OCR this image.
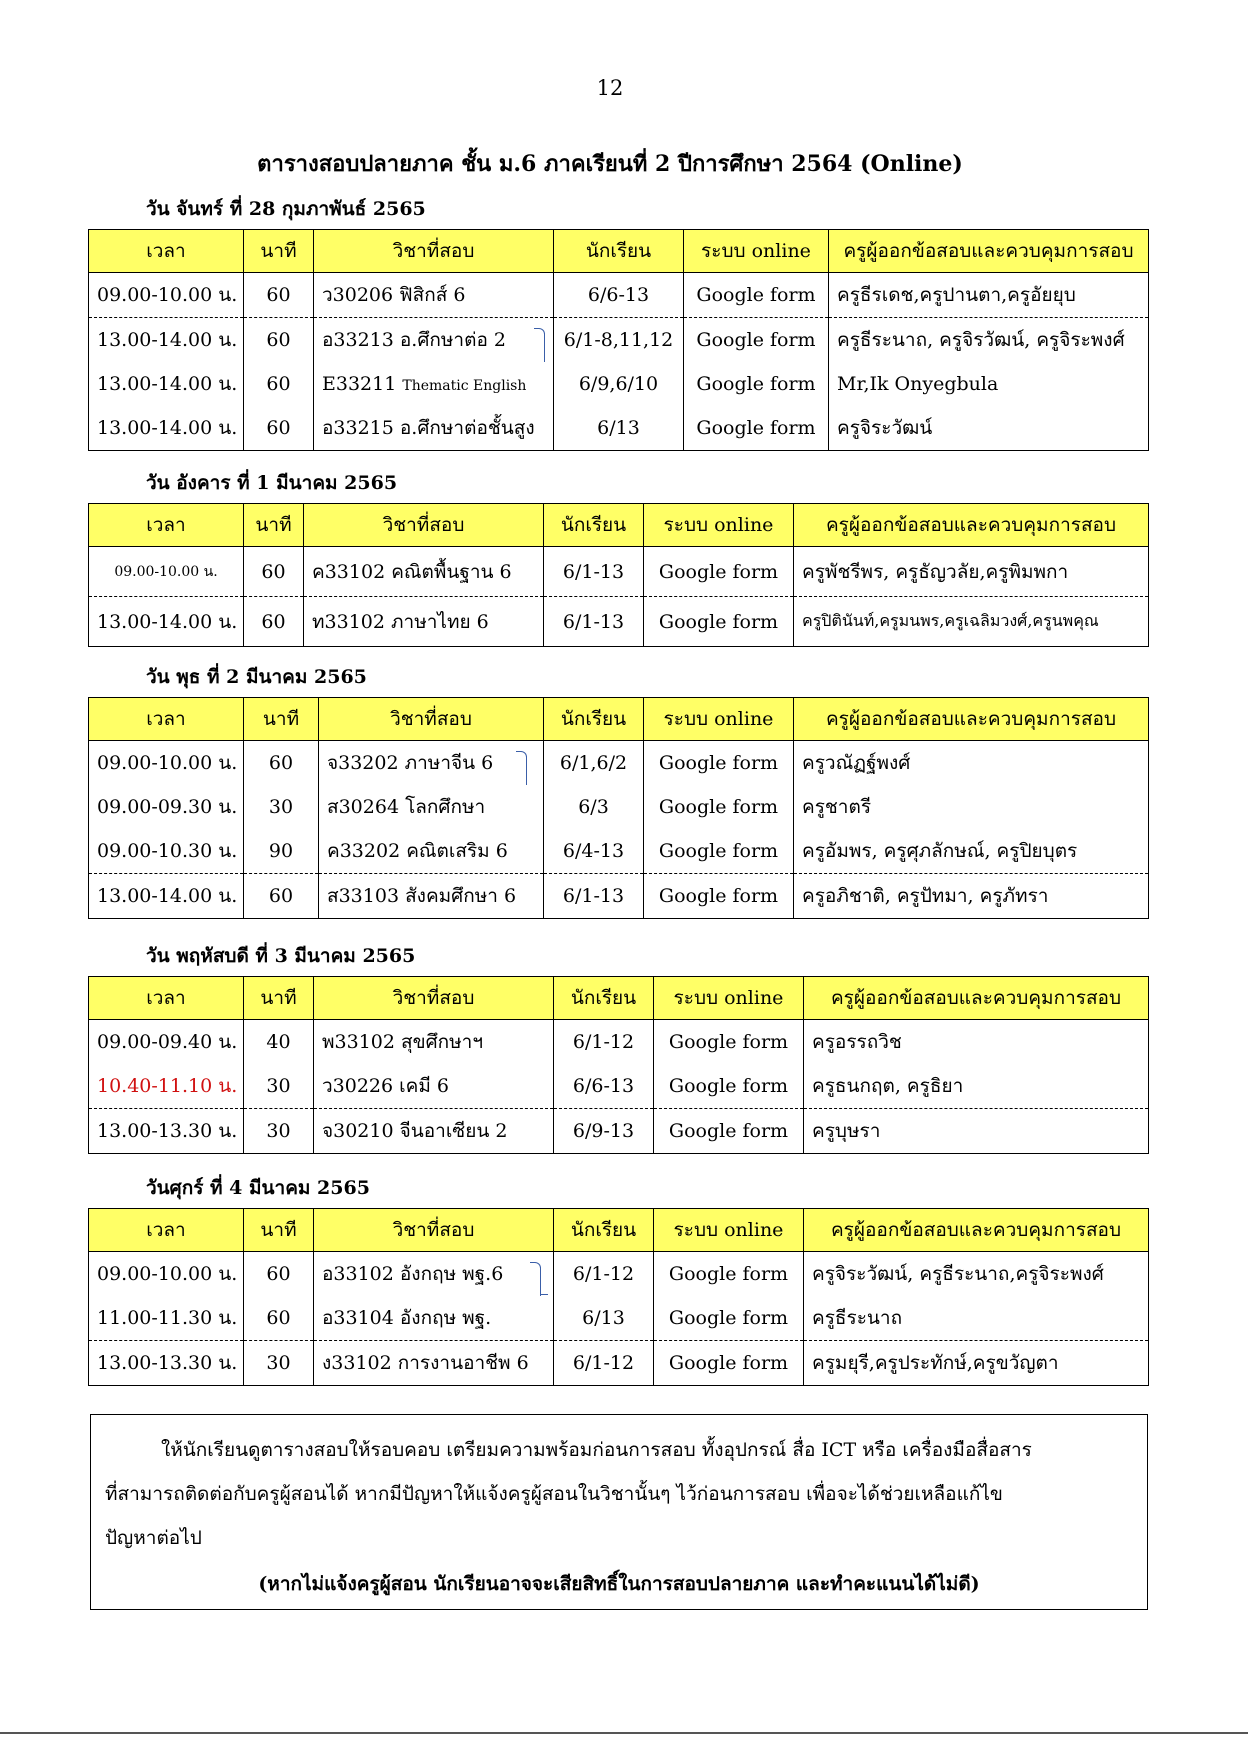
12
ตารางสอบปลายภาค ชั้น ม.6 ภาคเรียนที่ 2 ปีการศึกษา 2564 (Online)
วัน จันทร์ ที่ 28 กุมภาพันธ์ 2565
เวลา	นาที	วิชาที่สอบ	นักเรียน	ระบบ online	ครูผู้ออกข้อสอบและควบคุมการสอบ
09.00-10.00 น.	60	ว30206 ฟิสิกส์ 6	6/6-13	Google form	ครูธีรเดช,ครูปานตา,ครูอัยยุบ
13.00-14.00 น.	60	อ33213 อ.ศึกษาต่อ 2	6/1-8,11,12	Google form	ครูธีระนาถ, ครูจิรวัฒน์, ครูจิระพงศ์
13.00-14.00 น.	60	E33211 Thematic English	6/9,6/10	Google form	Mr,Ik Onyegbula
13.00-14.00 น.	60	อ33215 อ.ศึกษาต่อชั้นสูง	6/13	Google form	ครูจิระวัฒน์
วัน อังคาร ที่ 1 มีนาคม 2565
เวลา	นาที	วิชาที่สอบ	นักเรียน	ระบบ online	ครูผู้ออกข้อสอบและควบคุมการสอบ
09.00-10.00 น.	60	ค33102 คณิตพื้นฐาน 6	6/1-13	Google form	ครูพัชรีพร, ครูธัญวลัย,ครูพิมพกา
13.00-14.00 น.	60	ท33102 ภาษาไทย 6	6/1-13	Google form	ครูปิตินันท์,ครูมนพร,ครูเฉลิมวงศ์,ครูนพคุณ
วัน พุธ ที่ 2 มีนาคม 2565
เวลา	นาที	วิชาที่สอบ	นักเรียน	ระบบ online	ครูผู้ออกข้อสอบและควบคุมการสอบ
09.00-10.00 น.	60	จ33202 ภาษาจีน 6	6/1,6/2	Google form	ครูวณัฏฐ์พงศ์
09.00-09.30 น.	30	ส30264 โลกศึกษา	6/3	Google form	ครูชาตรี
09.00-10.30 น.	90	ค33202 คณิตเสริม 6	6/4-13	Google form	ครูอัมพร, ครูศุภลักษณ์, ครูปิยบุตร
13.00-14.00 น.	60	ส33103 สังคมศึกษา 6	6/1-13	Google form	ครูอภิชาติ, ครูปัทมา, ครูภัทรา
วัน พฤหัสบดี ที่ 3 มีนาคม 2565
เวลา	นาที	วิชาที่สอบ	นักเรียน	ระบบ online	ครูผู้ออกข้อสอบและควบคุมการสอบ
09.00-09.40 น.	40	พ33102 สุขศึกษาฯ	6/1-12	Google form	ครูอรรถวิช
10.40-11.10 น.	30	ว30226 เคมี 6	6/6-13	Google form	ครูธนกฤต, ครูธิยา
13.00-13.30 น.	30	จ30210 จีนอาเซียน 2	6/9-13	Google form	ครูบุษรา
วันศุกร์ ที่ 4 มีนาคม 2565
เวลา	นาที	วิชาที่สอบ	นักเรียน	ระบบ online	ครูผู้ออกข้อสอบและควบคุมการสอบ
09.00-10.00 น.	60	อ33102 อังกฤษ พฐ.6	6/1-12	Google form	ครูจิระวัฒน์, ครูธีระนาถ,ครูจิระพงศ์
11.00-11.30 น.	60	อ33104 อังกฤษ พฐ.	6/13	Google form	ครูธีระนาถ
13.00-13.30 น.	30	ง33102 การงานอาชีพ 6	6/1-12	Google form	ครูมยุรี,ครูประทักษ์,ครูขวัญตา
ให้นักเรียนดูตารางสอบให้รอบคอบ เตรียมความพร้อมก่อนการสอบ ทั้งอุปกรณ์ สื่อ ICT หรือ เครื่องมือสื่อสาร
ที่สามารถติดต่อกับครูผู้สอนได้ หากมีปัญหาให้แจ้งครูผู้สอนในวิชานั้นๆ ไว้ก่อนการสอบ เพื่อจะได้ช่วยเหลือแก้ไข
ปัญหาต่อไป
(หากไม่แจ้งครูผู้สอน นักเรียนอาจจะเสียสิทธิ์ในการสอบปลายภาค และทำคะแนนได้ไม่ดี)
